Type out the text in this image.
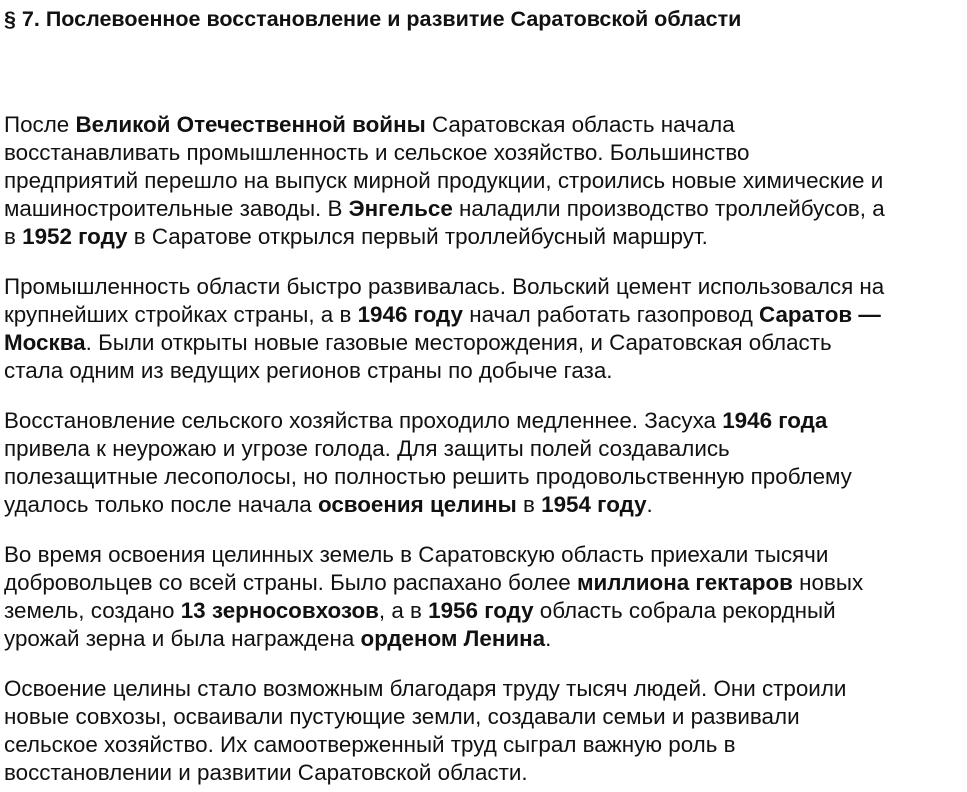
§ 7. Послевоенное восстановление и развитие Саратовской области

После Великой Отечественной войны Саратовская область начала
восстанавливать промышленность и сельское хозяйство. Большинство
предприятий перешло на выпуск мирной продукции, строились новые химические и
машиностроительные заводы. В Энгельсе наладили производство троллейбусов, а
в 1952 году в Саратове открылся первый троллейбусный маршрут.

Промышленность области быстро развивалась. Вольский цемент использовался на
крупнейших стройках страны, а в 1946 году начал работать газопровод Саратов —
Москва. Были открыты новые газовые месторождения, и Саратовская область
стала одним из ведущих регионов страны по добыче газа.

Восстановление сельского хозяйства проходило медленнее. Засуха 1946 года
привела к неурожаю и угрозе голода. Для защиты полей создавались
полезащитные лесополосы, но полностью решить продовольственную проблему
удалось только после начала освоения целины в 1954 году.

Во время освоения целинных земель в Саратовскую область приехали тысячи
добровольцев со всей страны. Было распахано более миллиона гектаров новых
земель, создано 13 зерносовхозов, а в 1956 году область собрала рекордный
урожай зерна и была награждена орденом Ленина.

Освоение целины стало возможным благодаря труду тысяч людей. Они строили
новые совхозы, осваивали пустующие земли, создавали семьи и развивали
сельское хозяйство. Их самоотверженный труд сыграл важную роль в
восстановлении и развитии Саратовской области.
